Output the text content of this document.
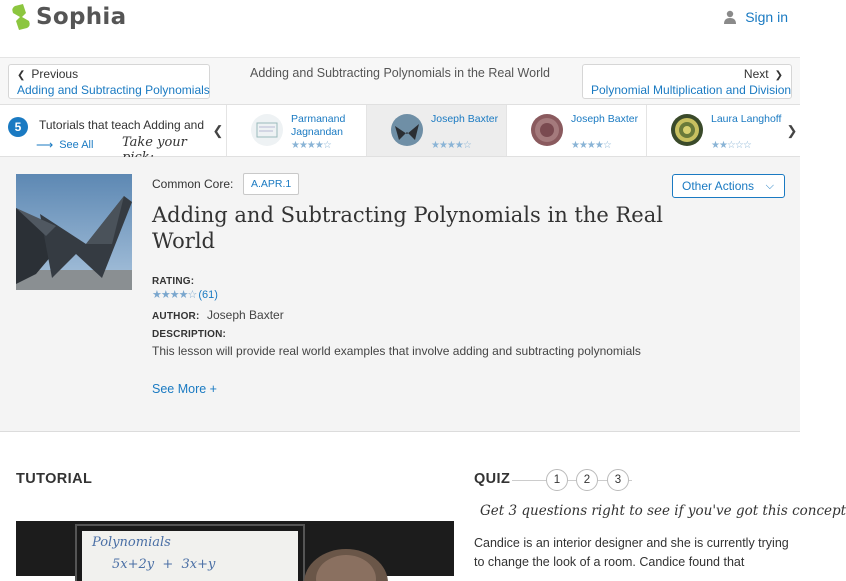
Sophia	Sign in
❮ Previous
Adding and Subtracting Polynomials
Adding and Subtracting Polynomials in the Real World	Next ❯
Polynomial Multiplication and Division
5	Tutorials that teach Adding and
⟶ See All Take your
❮
Parmanand Jagnandan
★★★★☆
Joseph Baxter
★★★★☆
Joseph Baxter
★★★★☆
Laura Langhoff
★★☆☆☆
❯
Common Core:	A.APR.1	Other Actions ⌵
Adding and Subtracting Polynomials in the Real World
RATING:
★★★★☆ (61)
AUTHOR: Joseph Baxter
DESCRIPTION:
This lesson will provide real world examples that involve adding and subtracting polynomials
See More +
TUTORIAL
Polynomials
5x+2y  +  3x+y
QUIZ	1	2	3
Get 3 questions right to see if you've got this concept
Candice is an interior designer and she is currently trying to change the look of a room. Candice found that
